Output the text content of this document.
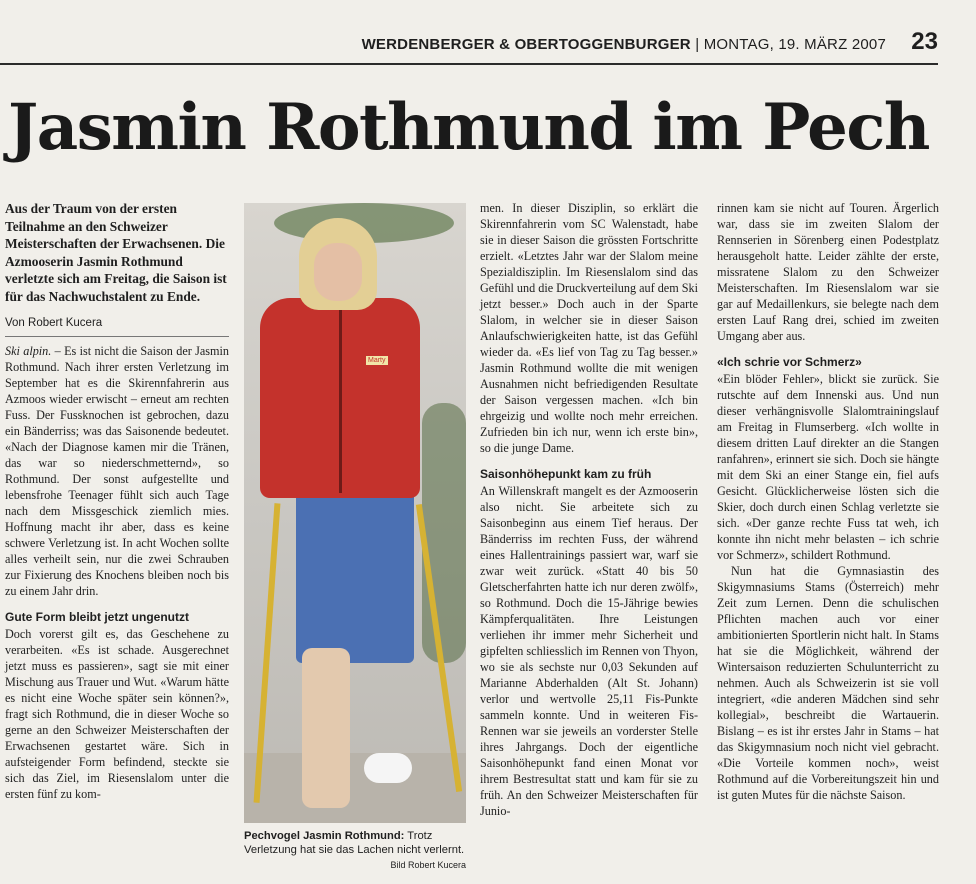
WERDENBERGER & OBERTOGGENBURGER | MONTAG, 19. MÄRZ 2007 23
Jasmin Rothmund im Pech

Aus der Traum von der ersten Teilnahme an den Schweizer Meisterschaften der Erwachsenen. Die Azmooserin Jasmin Rothmund verletzte sich am Freitag, die Saison ist für das Nachwuchstalent zu Ende.

Von Robert Kucera

Ski alpin. – Es ist nicht die Saison der Jasmin Rothmund. Nach ihrer ersten Verletzung im September hat es die Skirennfahrerin aus Azmoos wieder erwischt – erneut am rechten Fuss. Der Fussknochen ist gebrochen, dazu ein Bänderriss; was das Saisonende bedeutet. «Nach der Diagnose kamen mir die Tränen, das war so niederschmetternd», so Rothmund. Der sonst aufgestellte und lebensfrohe Teenager fühlt sich auch Tage nach dem Missgeschick ziemlich mies. Hoffnung macht ihr aber, dass es keine schwere Verletzung ist. In acht Wochen sollte alles verheilt sein, nur die zwei Schrauben zur Fixierung des Knochens bleiben noch bis zu einem Jahr drin.

Gute Form bleibt jetzt ungenutzt

Doch vorerst gilt es, das Geschehene zu verarbeiten. «Es ist schade. Ausgerechnet jetzt muss es passieren», sagt sie mit einer Mischung aus Trauer und Wut. «Warum hätte es nicht eine Woche später sein können?», fragt sich Rothmund, die in dieser Woche so gerne an den Schweizer Meisterschaften der Erwachsenen gestartet wäre. Sich in aufsteigender Form befindend, steckte sie sich das Ziel, im Riesenslalom unter die ersten fünf zu kom-

Marty
Pechvogel Jasmin Rothmund: Trotz Verletzung hat sie das Lachen nicht verlernt.
Bild Robert Kucera

men. In dieser Disziplin, so erklärt die Skirennfahrerin vom SC Walenstadt, habe sie in dieser Saison die grössten Fortschritte erzielt. «Letztes Jahr war der Slalom meine Spezialdisziplin. Im Riesenslalom sind das Gefühl und die Druckverteilung auf dem Ski jetzt besser.» Doch auch in der Sparte Slalom, in welcher sie in dieser Saison Anlaufschwierigkeiten hatte, ist das Gefühl wieder da. «Es lief von Tag zu Tag besser.» Jasmin Rothmund wollte die mit wenigen Ausnahmen nicht befriedigenden Resultate der Saison vergessen machen. «Ich bin ehrgeizig und wollte noch mehr erreichen. Zufrieden bin ich nur, wenn ich erste bin», so die junge Dame.

Saisonhöhepunkt kam zu früh

An Willenskraft mangelt es der Azmooserin also nicht. Sie arbeitete sich zu Saisonbeginn aus einem Tief heraus. Der Bänderriss im rechten Fuss, der während eines Hallentrainings passiert war, warf sie zwar weit zurück. «Statt 40 bis 50 Gletscherfahrten hatte ich nur deren zwölf», so Rothmund. Doch die 15-Jährige bewies Kämpferqualitäten. Ihre Leistungen verliehen ihr immer mehr Sicherheit und gipfelten schliesslich im Rennen von Thyon, wo sie als sechste nur 0,03 Sekunden auf Marianne Abderhalden (Alt St. Johann) verlor und wertvolle 25,11 Fis-Punkte sammeln konnte. Und in weiteren Fis-Rennen war sie jeweils an vorderster Stelle ihres Jahrgangs. Doch der eigentliche Saisonhöhepunkt fand einen Monat vor ihrem Bestresultat statt und kam für sie zu früh. An den Schweizer Meisterschaften für Junio-

rinnen kam sie nicht auf Touren. Ärgerlich war, dass sie im zweiten Slalom der Rennserien in Sörenberg einen Podestplatz herausgeholt hatte. Leider zählte der erste, missratene Slalom zu den Schweizer Meisterschaften. Im Riesenslalom war sie gar auf Medaillenkurs, sie belegte nach dem ersten Lauf Rang drei, schied im zweiten Umgang aber aus.

«Ich schrie vor Schmerz»

«Ein blöder Fehler», blickt sie zurück. Sie rutschte auf dem Innenski aus. Und nun dieser verhängnisvolle Slalomtrainingslauf am Freitag in Flumserberg. «Ich wollte in diesem dritten Lauf direkter an die Stangen ranfahren», erinnert sie sich. Doch sie hängte mit dem Ski an einer Stange ein, fiel aufs Gesicht. Glücklicherweise lösten sich die Skier, doch durch einen Schlag verletzte sie sich. «Der ganze rechte Fuss tat weh, ich konnte ihn nicht mehr belasten – ich schrie vor Schmerz», schildert Rothmund.

Nun hat die Gymnasiastin des Skigymnasiums Stams (Österreich) mehr Zeit zum Lernen. Denn die schulischen Pflichten machen auch vor einer ambitionierten Sportlerin nicht halt. In Stams hat sie die Möglichkeit, während der Wintersaison reduzierten Schulunterricht zu nehmen. Auch als Schweizerin ist sie voll integriert, «die anderen Mädchen sind sehr kollegial», beschreibt die Wartauerin. Bislang – es ist ihr erstes Jahr in Stams – hat das Skigymnasium noch nicht viel gebracht. «Die Vorteile kommen noch», weist Rothmund auf die Vorbereitungszeit hin und ist guten Mutes für die nächste Saison.
